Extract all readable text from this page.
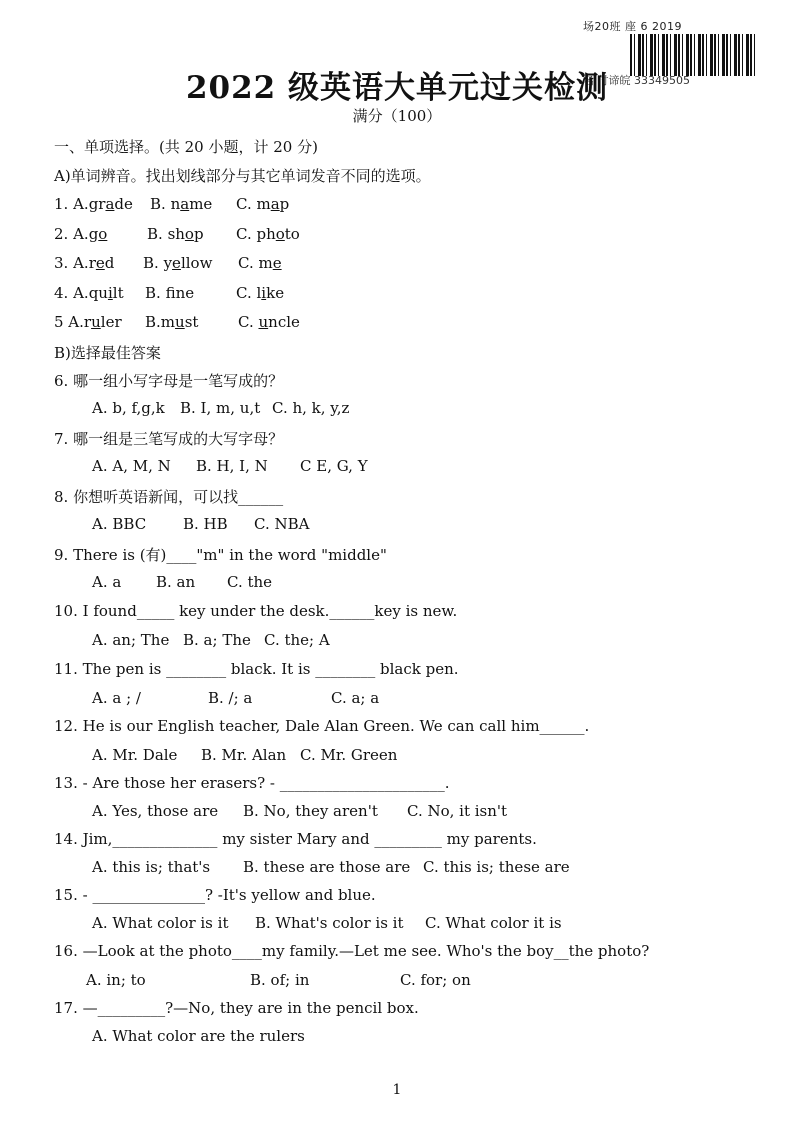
场20班 座 6 2019
名 付谛皖 33349505
2022 级英语大单元过关检测
满分（100）
一、单项选择。(共 20 小题，计 20 分)
A)单词辨音。找出划线部分与其它单词发音不同的选项。
1. A.grade B. name C. map
2. A.go	B. shop C. photo
3. A.red B. yellow C. me
4. A.quilt B. fne	C. like
5 A.ruler B.must	C. uncle
B)选择最佳答案
6. 哪一组小写字母是一笔写成的？
A. b, f,g,k B. I, m, u,t C. h, k, y,z
7. 哪一组是三笔写成的大写字母？
A. A, M, N B. H, I, N C E, G, Y
8. 你想听英语新闻，可以找______
A. BBC B. HB C. NBA
9. There is (有)____"m" in the word "middle"
A. a B. an C. the
10. I found_____ key under the desk.______key is new.
A. an; The B. a; The C. the; A
11. The pen is ________ black. It is ________ black pen.
A. a ; /	B. /; a	C. a; a
12. He is our English teacher, Dale Alan Green. We can call him______.
A. Mr. Dale B. Mr. Alan C. Mr. Green
13. - Are those her erasers? - ______________________.
A. Yes, those are B. No, they aren't C. No, it isn't
14. Jim,______________ my sister Mary and _________ my parents.
A. this is; that's B. these are those are C. this is; these are
15. - _______________? -It's yellow and blue.
A. What color is it B. What's color is it C. What color it is
16. —Look at the photo____my family.—Let me see. Who's the boy__the photo?
A. in; to	B. of; in	C. for; on
17. —_________?—No, they are in the pencil box.
A. What color are the rulers
1
